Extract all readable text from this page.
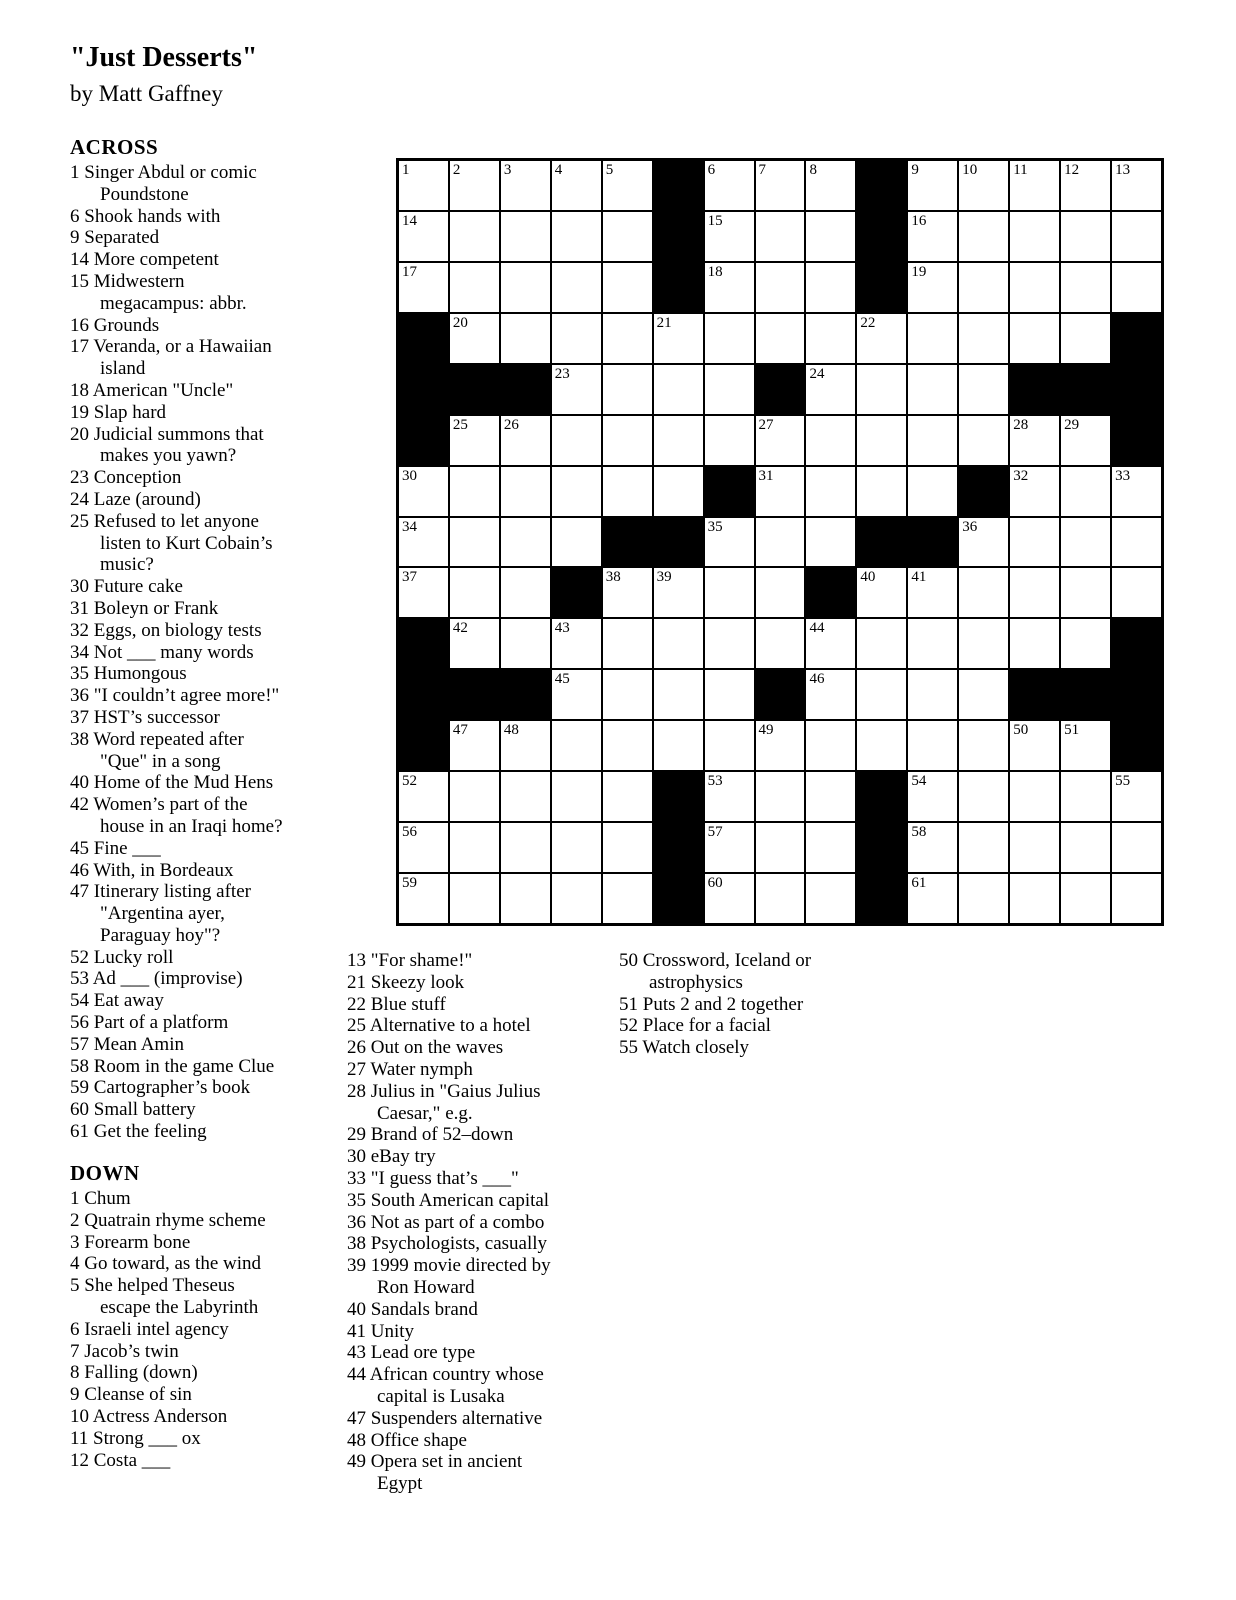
"Just Desserts"
by Matt Gaffney
ACROSS
1 Singer Abdul or comic Poundstone
6 Shook hands with
9 Separated
14 More competent
15 Midwestern megacampus: abbr.
16 Grounds
17 Veranda, or a Hawaiian island
18 American "Uncle"
19 Slap hard
20 Judicial summons that makes you yawn?
23 Conception
24 Laze (around)
25 Refused to let anyone listen to Kurt Cobain’s music?
30 Future cake
31 Boleyn or Frank
32 Eggs, on biology tests
34 Not ___ many words
35 Humongous
36 "I couldn’t agree more!"
37 HST’s successor
38 Word repeated after "Que" in a song
40 Home of the Mud Hens
42 Women’s part of the house in an Iraqi home?
45 Fine ___
46 With, in Bordeaux
47 Itinerary listing after "Argentina ayer, Paraguay hoy"?
52 Lucky roll
53 Ad ___ (improvise)
54 Eat away
56 Part of a platform
57 Mean Amin
58 Room in the game Clue
59 Cartographer’s book
60 Small battery
61 Get the feeling
1	2	3	4	5	6	7	8	9	10 11 12 13
14	15	16
17	18	19
20	21	22
23	24
25 26	27	28 29
30	31	32	33
34	35	36
37	38 39	40 41
42	43	44
45	46
47 48	49	50 51
52	53	54	55
56	57	58
59	60	61
13 "For shame!"
21 Skeezy look
22 Blue stuff
25 Alternative to a hotel
26 Out on the waves
27 Water nymph
28 Julius in "Gaius Julius Caesar," e.g.
29 Brand of 52–down
30 eBay try
33 "I guess that’s ___"
35 South American capital
36 Not as part of a combo
38 Psychologists, casually
39 1999 movie directed by Ron Howard
40 Sandals brand
41 Unity
43 Lead ore type
44 African country whose capital is Lusaka
47 Suspenders alternative
48 Office shape
49 Opera set in ancient Egypt
50 Crossword, Iceland or astrophysics
51 Puts 2 and 2 together
52 Place for a facial
55 Watch closely
DOWN
1 Chum
2 Quatrain rhyme scheme
3 Forearm bone
4 Go toward, as the wind
5 She helped Theseus escape the Labyrinth
6 Israeli intel agency
7 Jacob’s twin
8 Falling (down)
9 Cleanse of sin
10 Actress Anderson
11 Strong ___ ox
12 Costa ___
